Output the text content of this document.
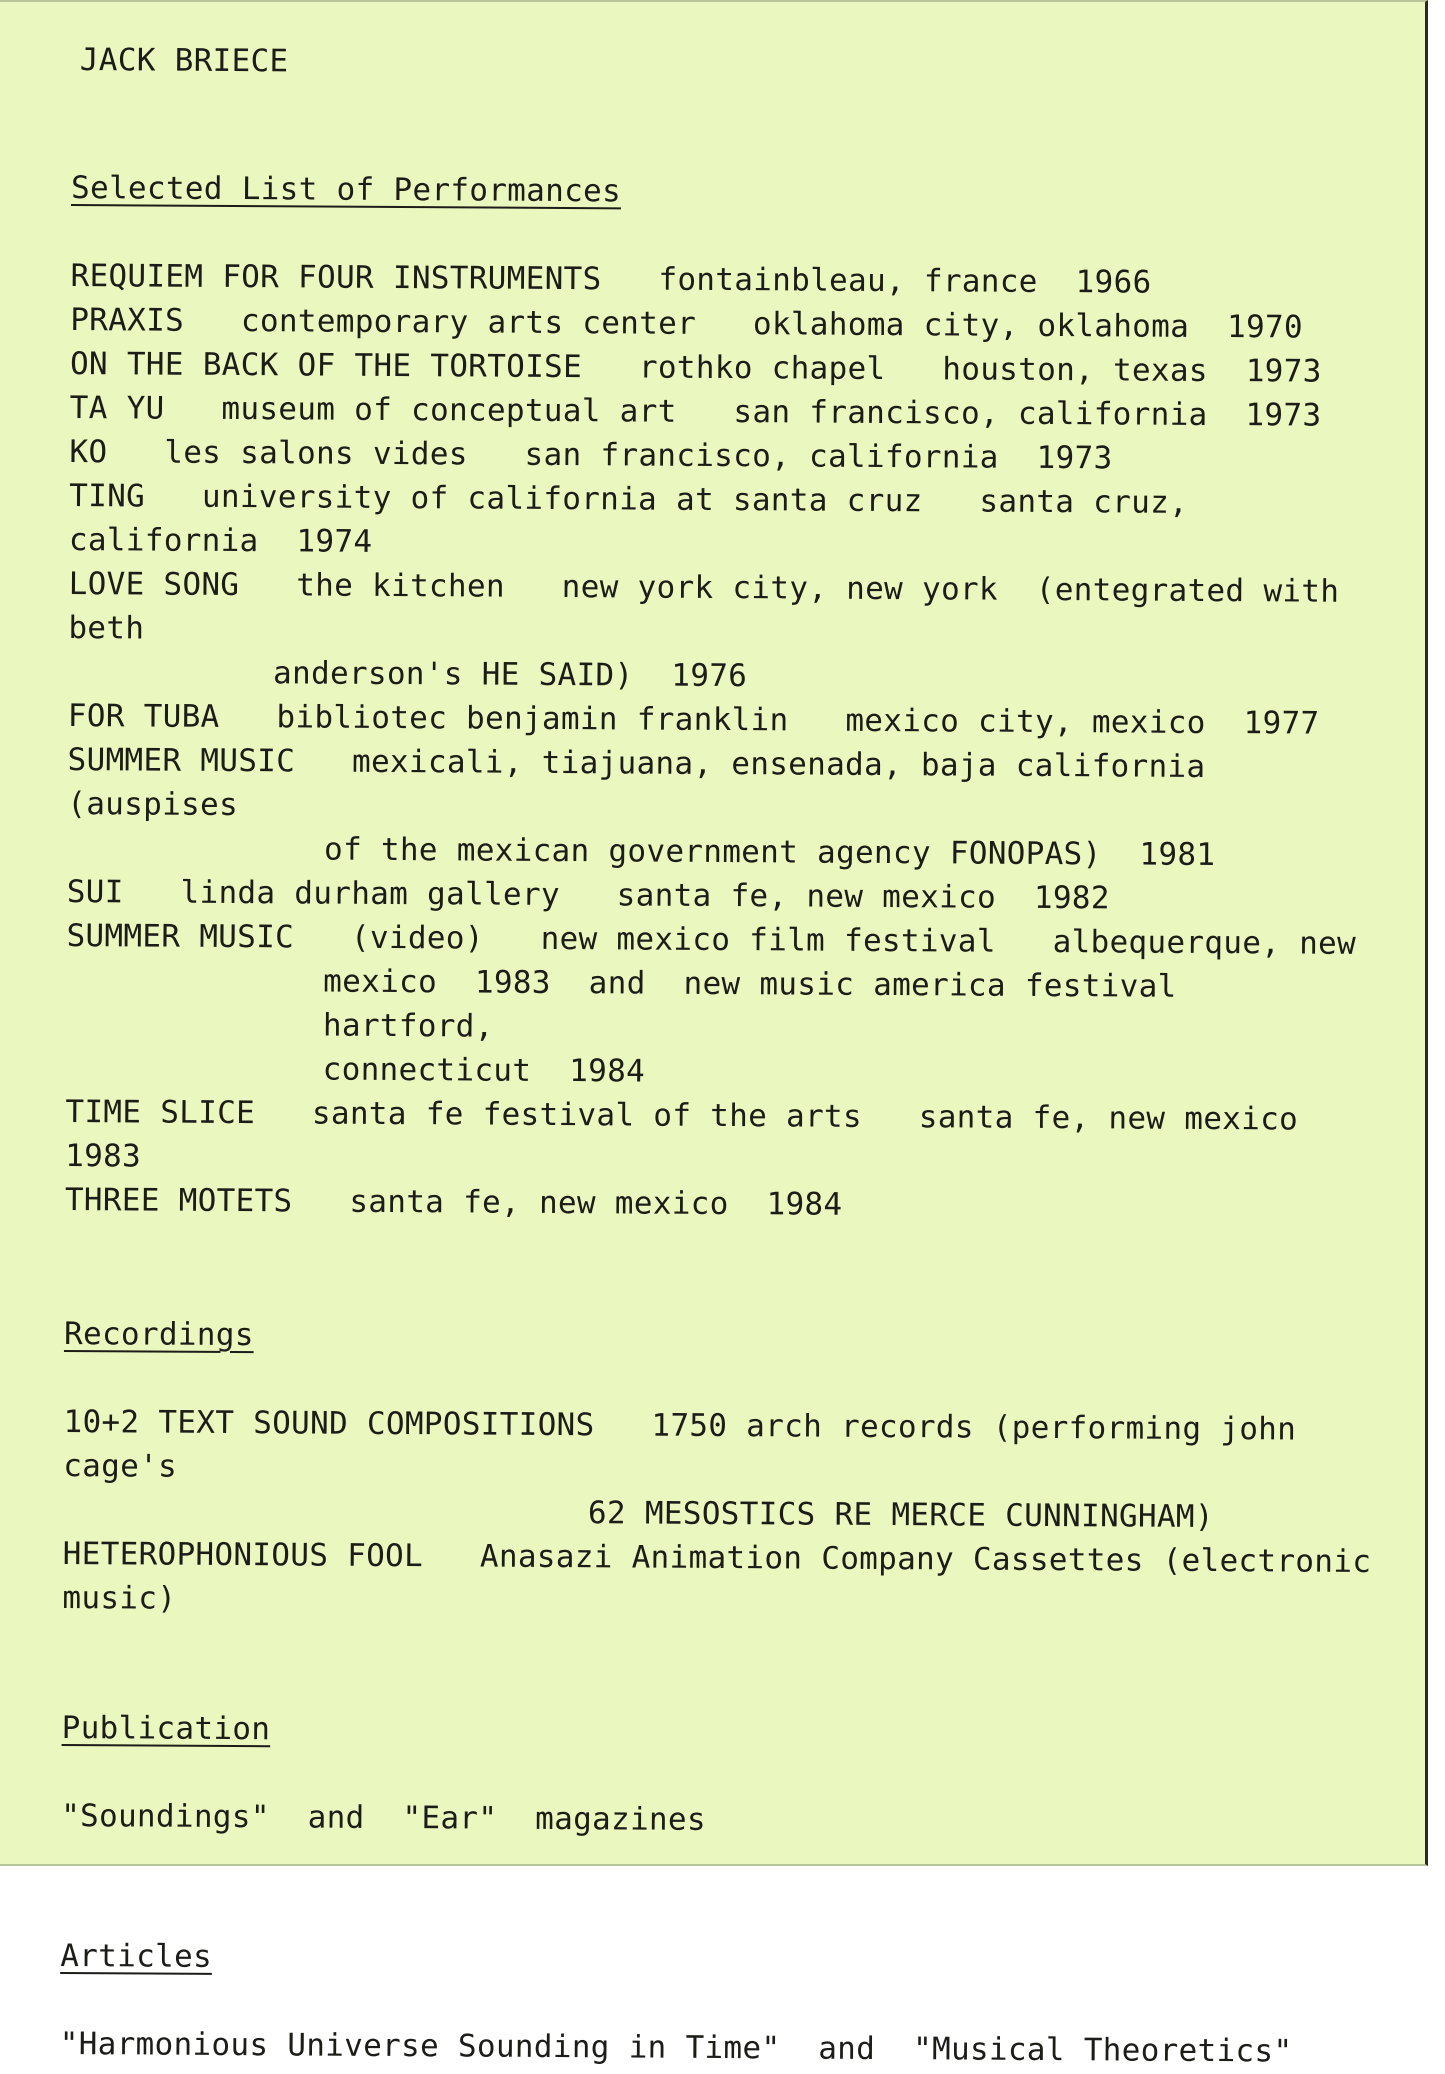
JACK BRIECE
Selected List of Performances
REQUIEM FOR FOUR INSTRUMENTS fontainbleau, france  1966
PRAXIS contemporary arts center   oklahoma city, oklahoma  1970
ON THE BACK OF THE TORTOISE rothko chapel   houston, texas  1973
TA YU museum of conceptual art   san francisco, california  1973
KO les salons vides   san francisco, california  1973
TING university of california at santa cruz   santa cruz, california  1974
LOVE SONG the kitchen   new york city, new york  (entegrated with beth
anderson's HE SAID)  1976
FOR TUBA bibliotec benjamin franklin   mexico city, mexico  1977
SUMMER MUSIC mexicali, tiajuana, ensenada, baja california (auspises
of the mexican government agency FONOPAS)  1981
SUI linda durham gallery   santa fe, new mexico  1982
SUMMER MUSIC (video)   new mexico film festival   albequerque, new
mexico  1983  and  new music america festival   hartford,
connecticut  1984
TIME SLICE santa fe festival of the arts   santa fe, new mexico  1983
THREE MOTETS santa fe, new mexico  1984
Recordings
10+2 TEXT SOUND COMPOSITIONS 1750 arch records (performing john cage's
62 MESOSTICS RE MERCE CUNNINGHAM)
HETEROPHONIOUS FOOL Anasazi Animation Company Cassettes (electronic music)
Publication
"Soundings"  and  "Ear"  magazines
Articles
"Harmonious Universe Sounding in Time"  and  "Musical Theoretics"
